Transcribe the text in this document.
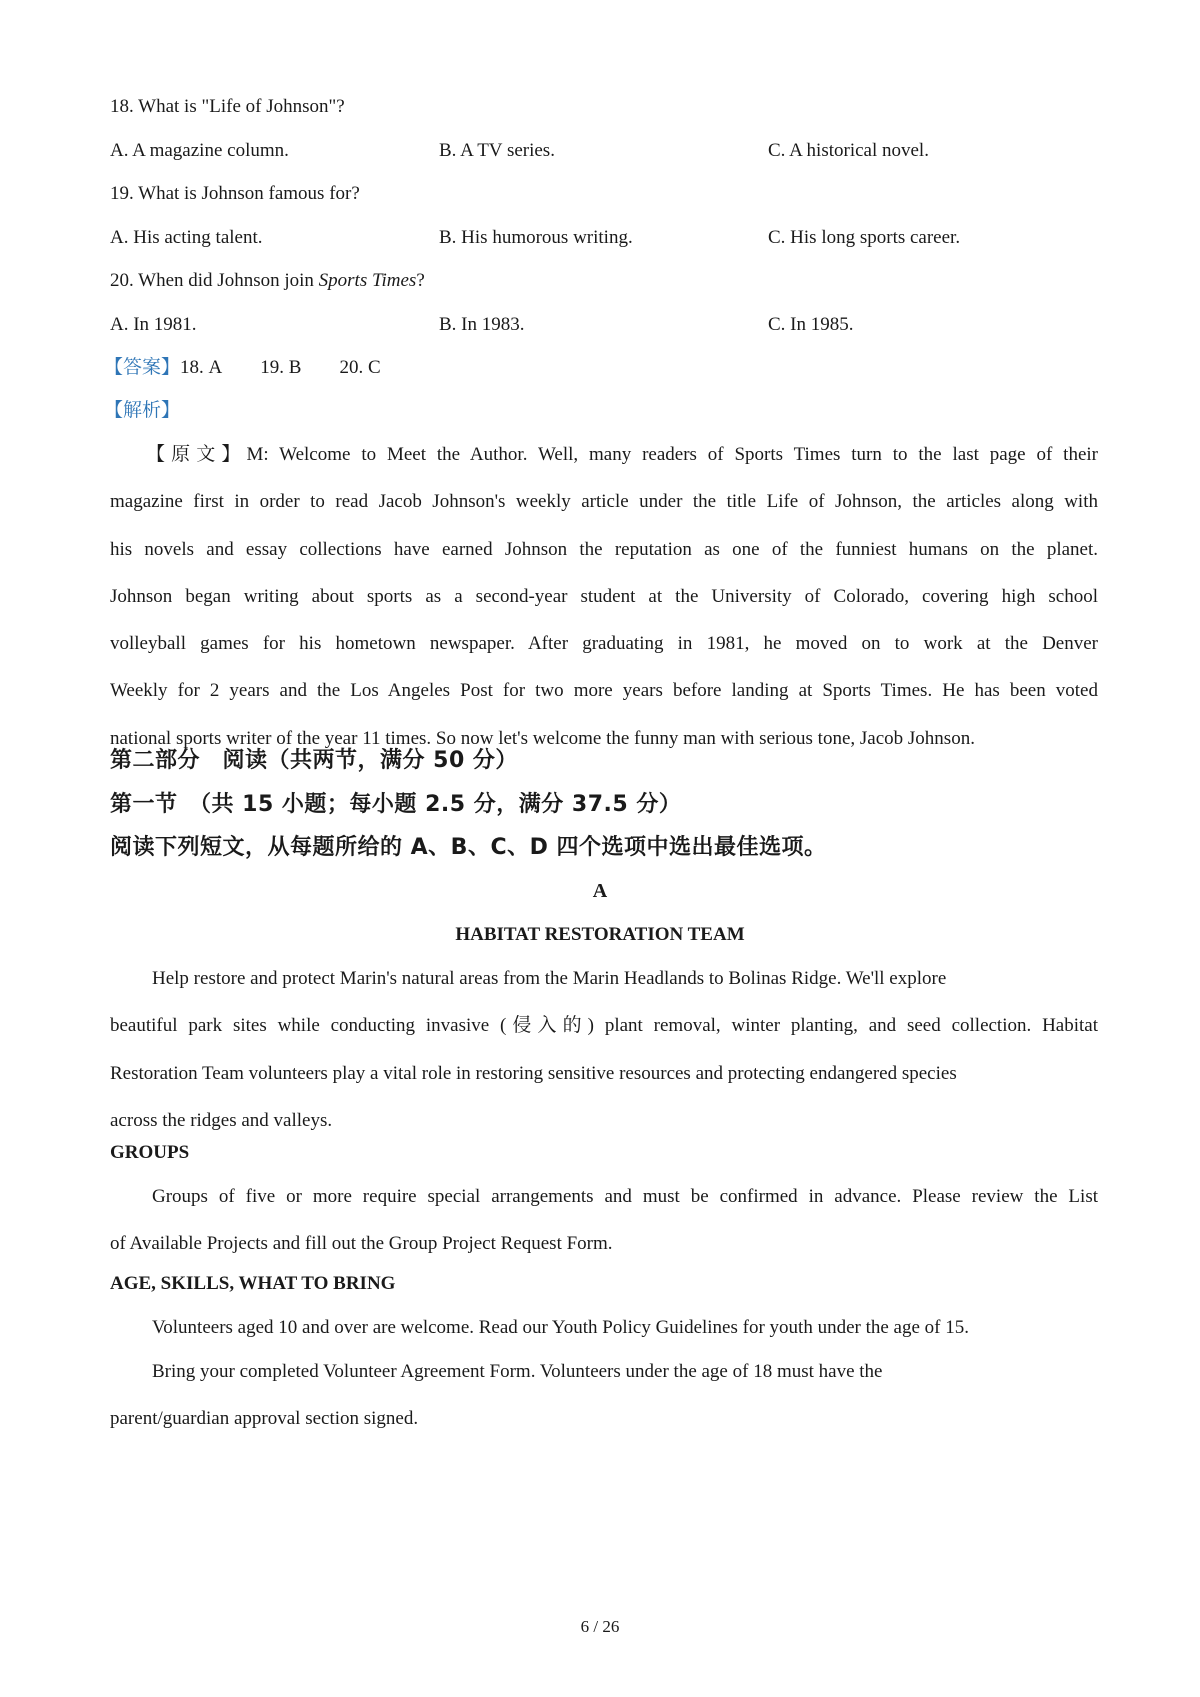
18. What is "Life of Johnson"?
A. A magazine column.	B. A TV series.	C. A historical novel.
19. What is Johnson famous for?
A. His acting talent.	B. His humorous writing.	C. His long sports career.
20. When did Johnson join Sports Times?
A. In 1981.	B. In 1983.	C. In 1985.
【答案】18. A 19. B 20. C
【解析】
【原文】M: Welcome to Meet the Author. Well, many readers of Sports Times turn to the last page of their
magazine first in order to read Jacob Johnson's weekly article under the title Life of Johnson, the articles along with
his novels and essay collections have earned Johnson the reputation as one of the funniest humans on the planet.
Johnson began writing about sports as a second-year student at the University of Colorado, covering high school
volleyball games for his hometown newspaper. After graduating in 1981, he moved on to work at the Denver
Weekly for 2 years and the Los Angeles Post for two more years before landing at Sports Times. He has been voted
national sports writer of the year 11 times. So now let's welcome the funny man with serious tone, Jacob Johnson.
第二部分　阅读（共两节，满分 50 分）
第一节　（共 15 小题；每小题 2.5 分，满分 37.5 分）
阅读下列短文，从每题所给的 A、B、C、D 四个选项中选出最佳选项。
A
HABITAT RESTORATION TEAM
Help restore and protect Marin's natural areas from the Marin Headlands to Bolinas Ridge. We'll explore
beautiful park sites while conducting invasive (侵入的) plant removal, winter planting, and seed collection. Habitat
Restoration Team volunteers play a vital role in restoring sensitive resources and protecting endangered species
across the ridges and valleys.
GROUPS
Groups of five or more require special arrangements and must be confirmed in advance. Please review the List
of Available Projects and fill out the Group Project Request Form.
AGE, SKILLS, WHAT TO BRING
Volunteers aged 10 and over are welcome. Read our Youth Policy Guidelines for youth under the age of 15.
Bring your completed Volunteer Agreement Form. Volunteers under the age of 18 must have the
parent/guardian approval section signed.
6 / 26
